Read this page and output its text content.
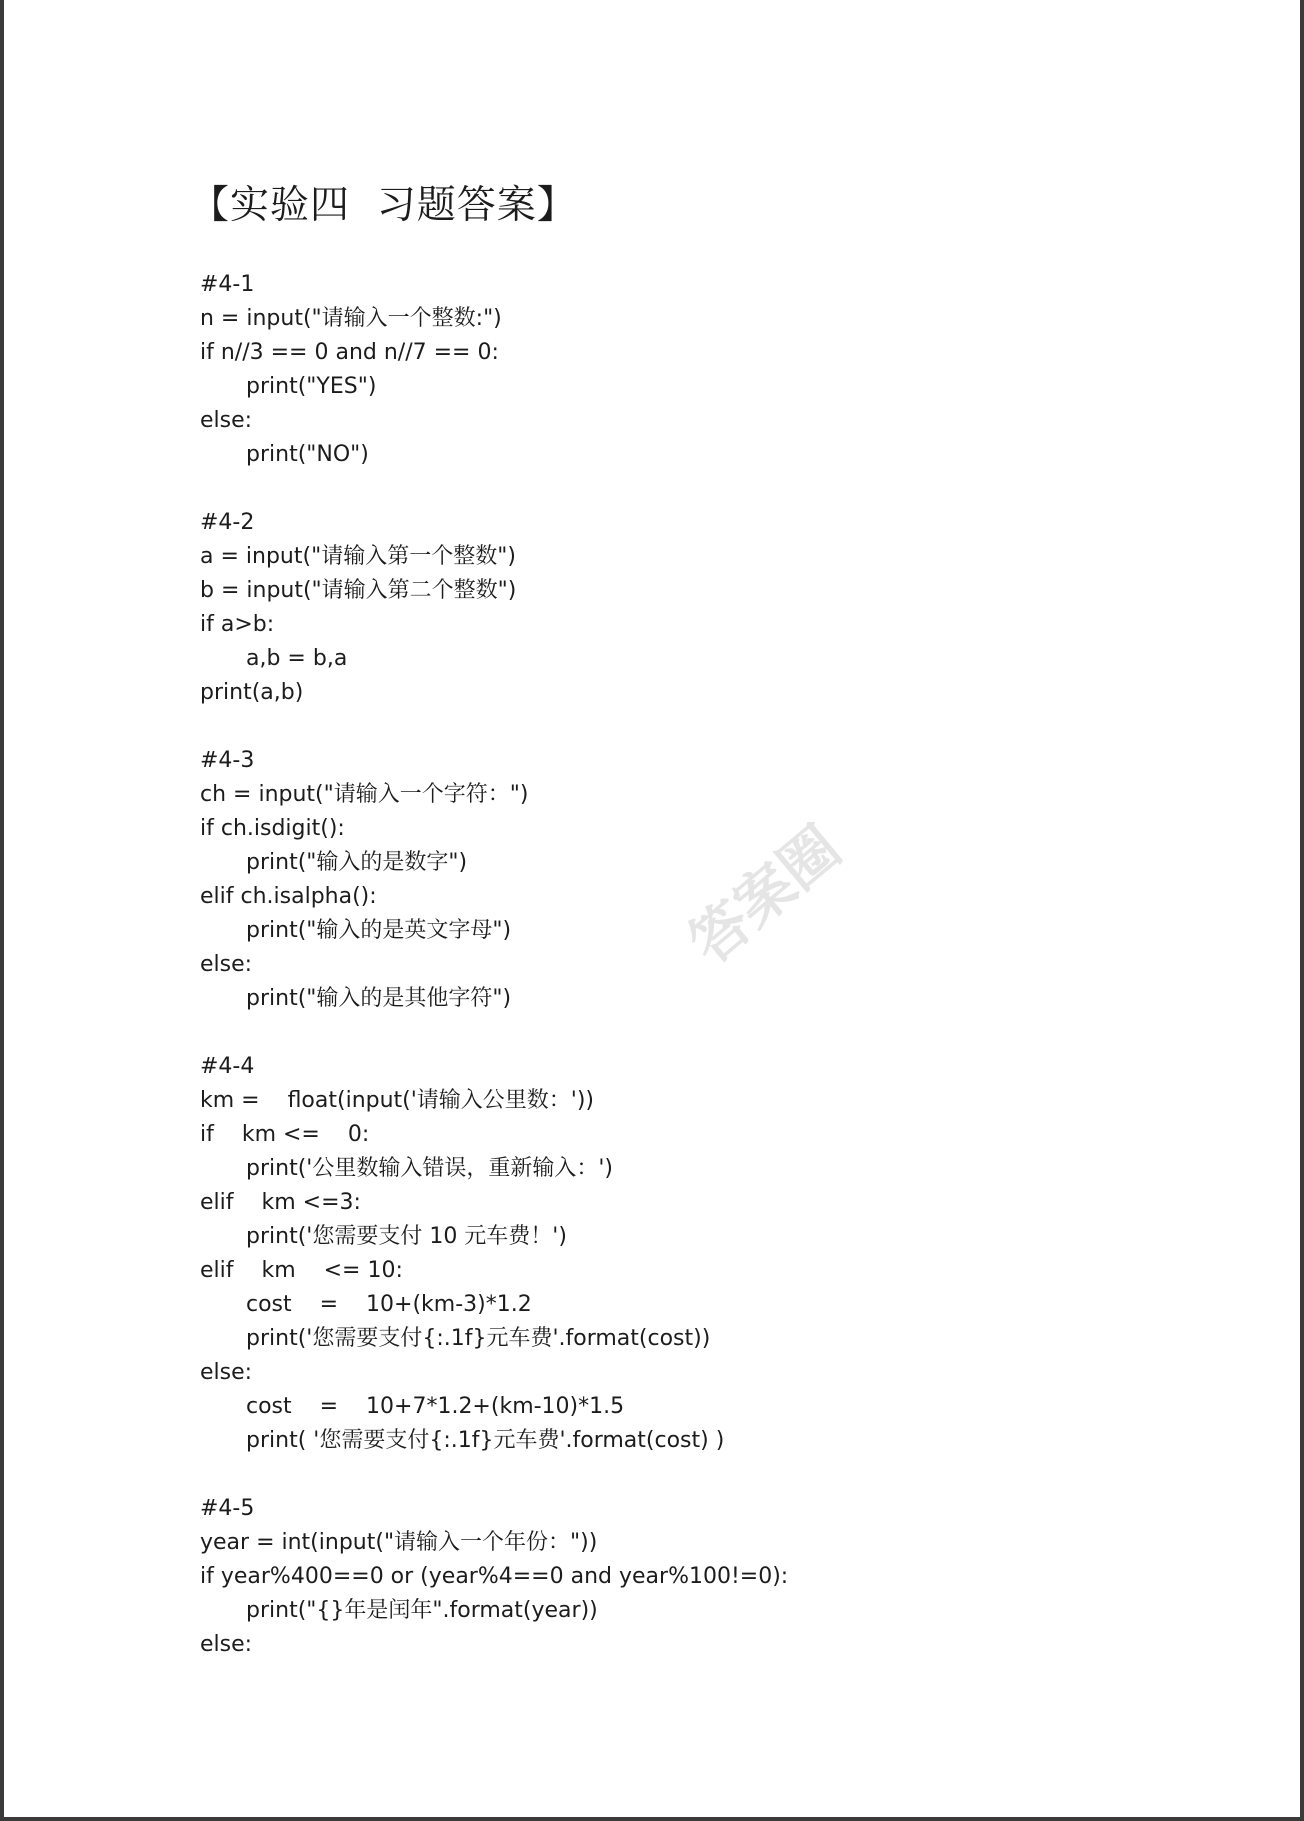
【实验四  习题答案】
#4-1
n = input("请输入一个整数:")
if n//3 == 0 and n//7 == 0:
print("YES")
else:
print("NO")
#4-2
a = input("请输入第一个整数")
b = input("请输入第二个整数")
if a>b:
a,b = b,a
print(a,b)
#4-3
ch = input("请输入一个字符：")
if ch.isdigit():
print("输入的是数字")
elif ch.isalpha():
print("输入的是英文字母")
else:
print("输入的是其他字符")
#4-4
km =    float(input('请输入公里数：'))
if    km <=    0:
print('公里数输入错误，重新输入：')
elif    km <=3:
print('您需要支付 10 元车费！')
elif    km    <= 10:
cost    =    10+(km-3)*1.2
print('您需要支付{:.1f}元车费'.format(cost))
else:
cost    =    10+7*1.2+(km-10)*1.5
print( '您需要支付{:.1f}元车费'.format(cost) )
#4-5
year = int(input("请输入一个年份："))
if year%400==0 or (year%4==0 and year%100!=0):
print("{}年是闰年".format(year))
else:
答案圈
